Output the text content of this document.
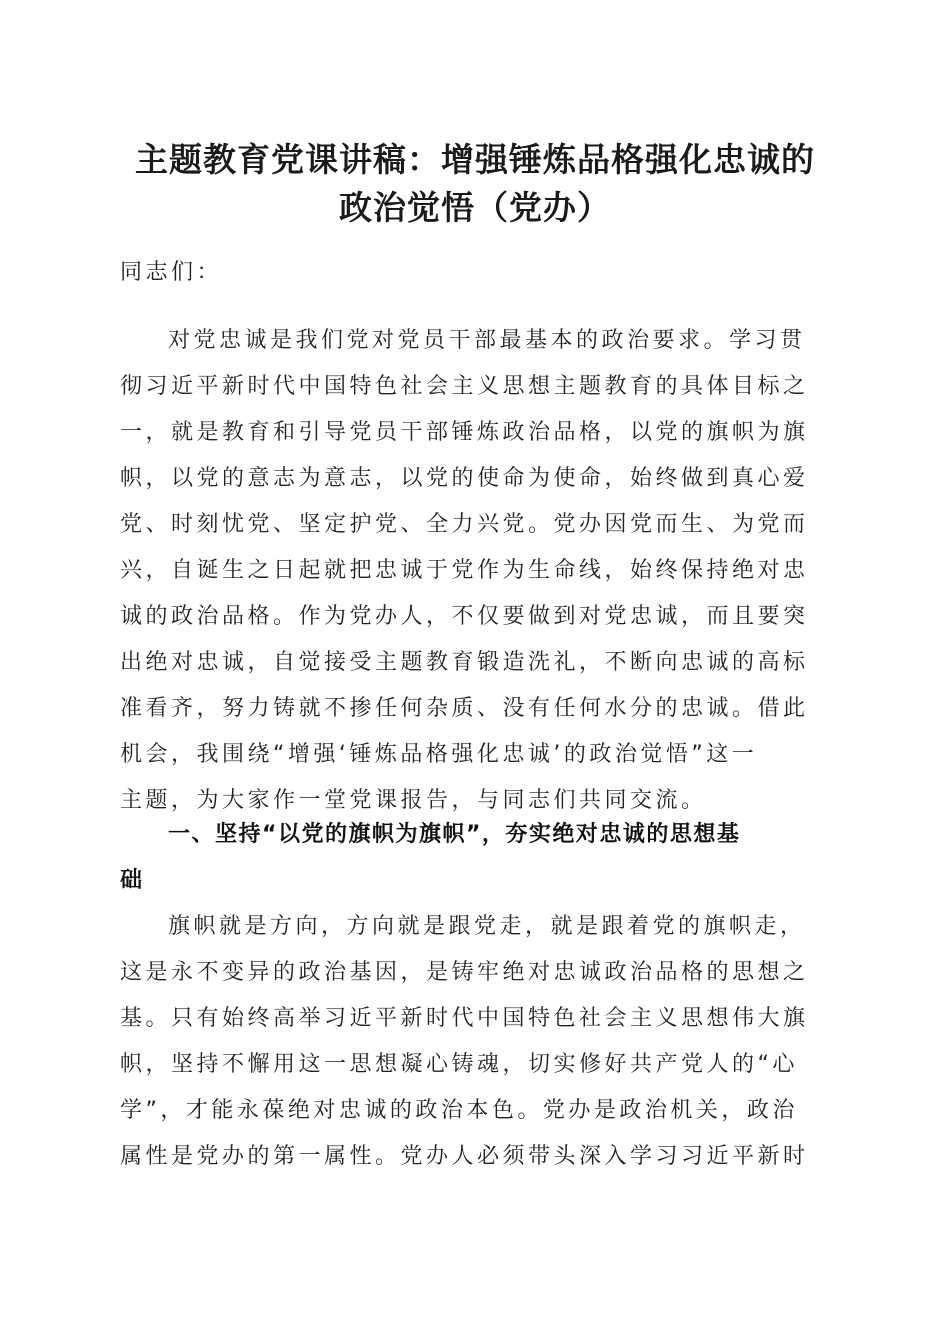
主题教育党课讲稿：增强锤炼品格强化忠诚的
政治觉悟（党办）
同志们：
对党忠诚是我们党对党员干部最基本的政治要求。学习贯
彻习近平新时代中国特色社会主义思想主题教育的具体目标之
一，就是教育和引导党员干部锤炼政治品格，以党的旗帜为旗
帜，以党的意志为意志，以党的使命为使命，始终做到真心爱
党、时刻忧党、坚定护党、全力兴党。党办因党而生、为党而
兴，自诞生之日起就把忠诚于党作为生命线，始终保持绝对忠
诚的政治品格。作为党办人，不仅要做到对党忠诚，而且要突
出绝对忠诚，自觉接受主题教育锻造洗礼，不断向忠诚的高标
准看齐，努力铸就不掺任何杂质、没有任何水分的忠诚。借此
机会，我围绕“增强‘锤炼品格强化忠诚’的政治觉悟”这一
主题，为大家作一堂党课报告，与同志们共同交流。
一、坚持“以党的旗帜为旗帜”，夯实绝对忠诚的思想基
础
旗帜就是方向，方向就是跟党走，就是跟着党的旗帜走，
这是永不变异的政治基因，是铸牢绝对忠诚政治品格的思想之
基。只有始终高举习近平新时代中国特色社会主义思想伟大旗
帜，坚持不懈用这一思想凝心铸魂，切实修好共产党人的“心
学”，才能永葆绝对忠诚的政治本色。党办是政治机关，政治
属性是党办的第一属性。党办人必须带头深入学习习近平新时
